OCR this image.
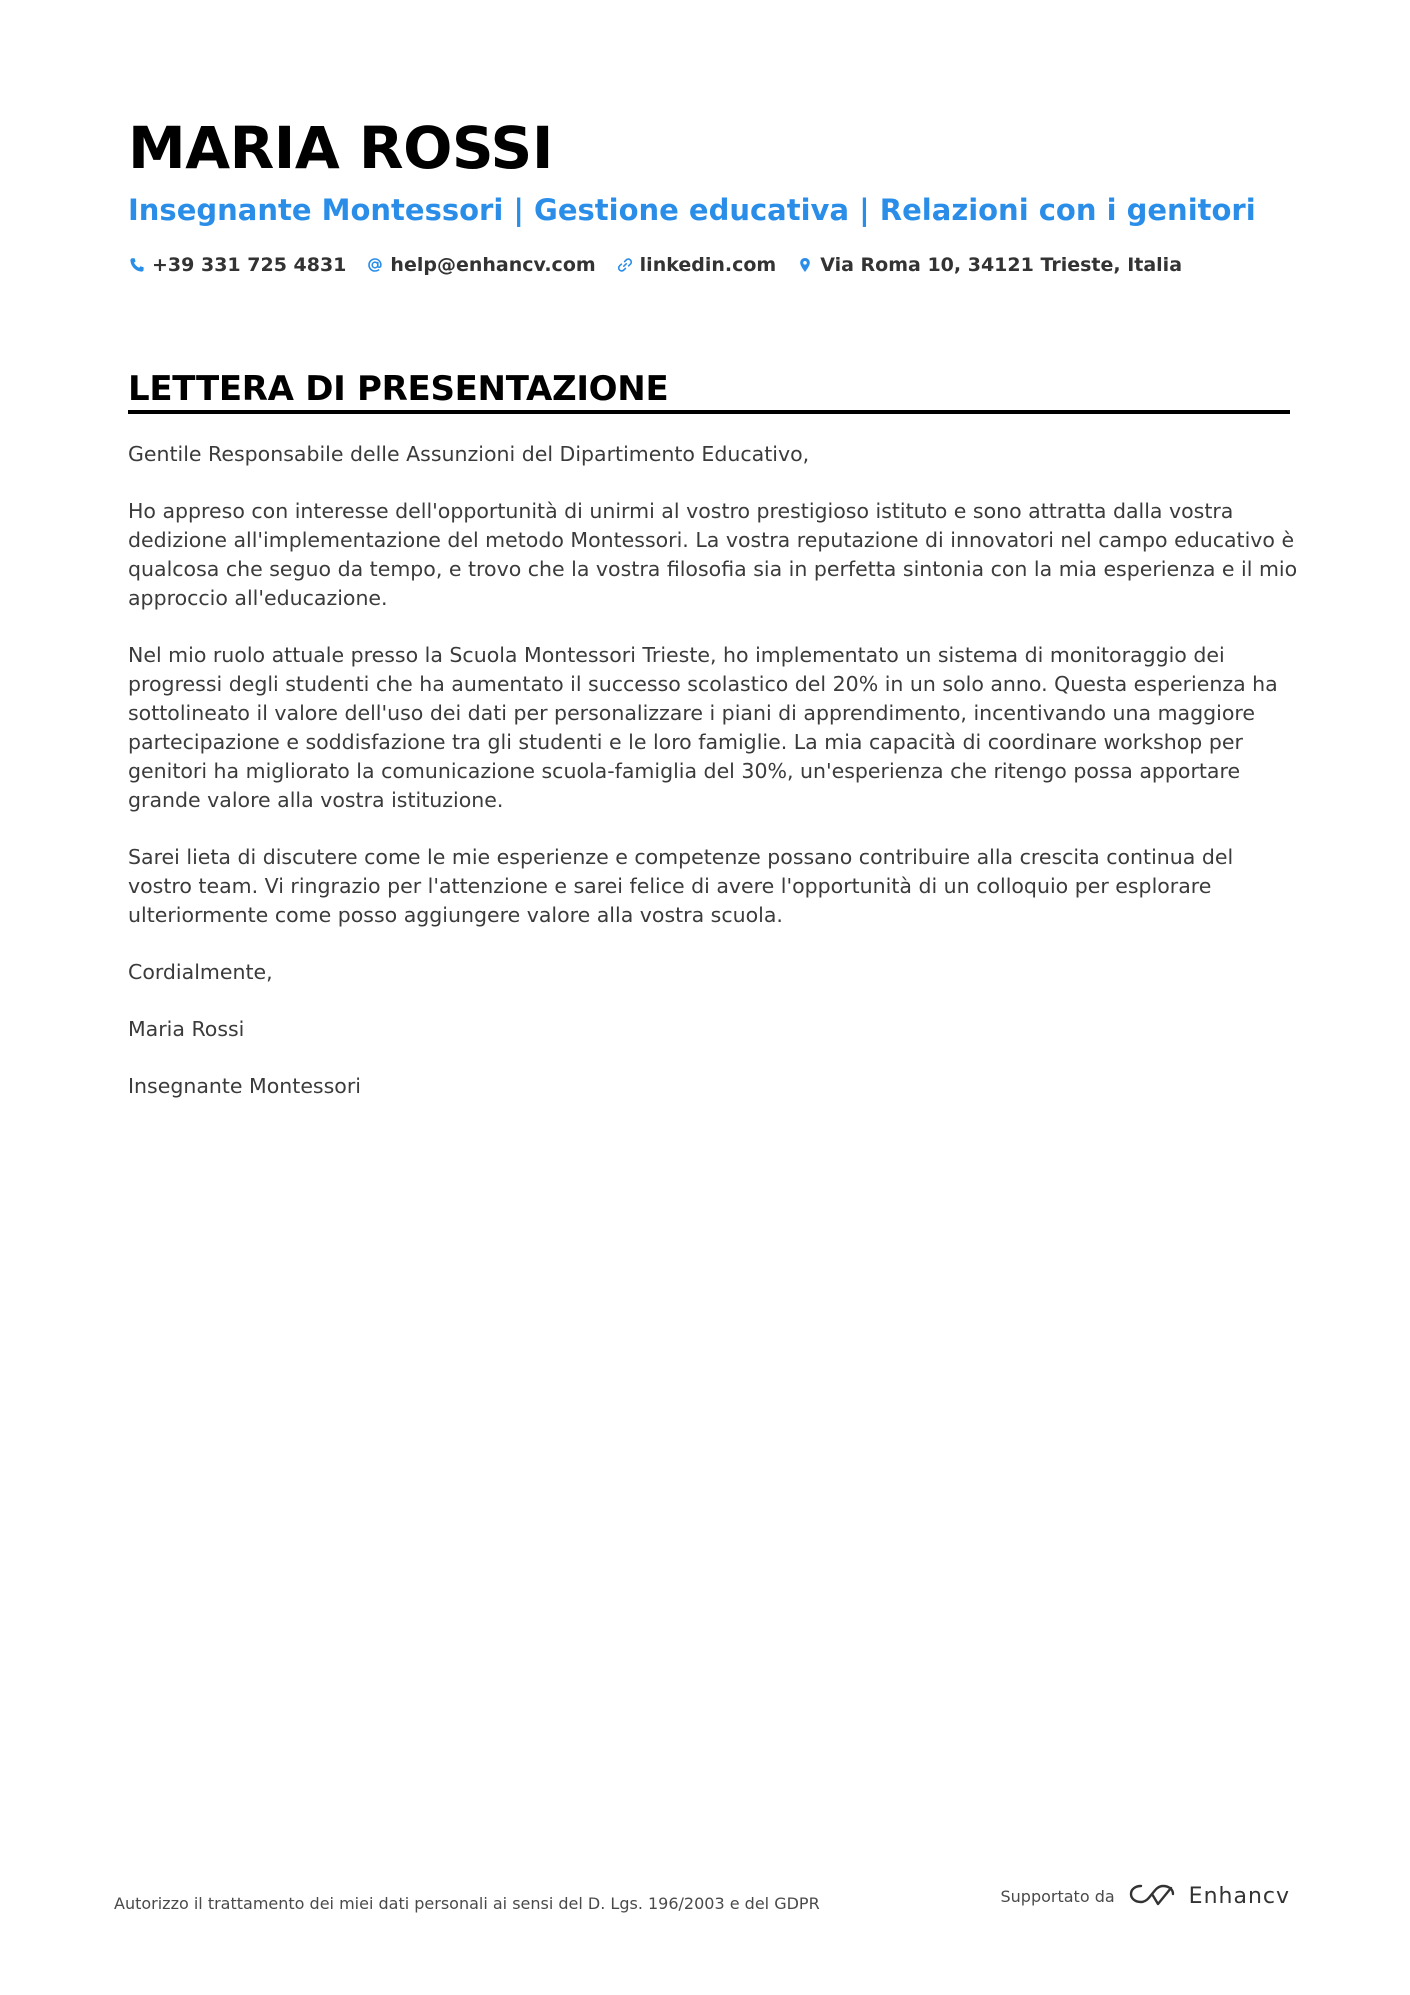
MARIA ROSSI
Insegnante Montessori | Gestione educativa | Relazioni con i genitori
+39 331 725 4831 help@enhancv.com linkedin.com Via Roma 10, 34121 Trieste, Italia
LETTERA DI PRESENTAZIONE

Gentile Responsabile delle Assunzioni del Dipartimento Educativo,

Ho appreso con interesse dell'opportunità di unirmi al vostro prestigioso istituto e sono attratta dalla vostra dedizione all'implementazione del metodo Montessori. La vostra reputazione di innovatori nel campo educativo è qualcosa che seguo da tempo, e trovo che la vostra filosofia sia in perfetta sintonia con la mia esperienza e il mio approccio all'educazione.

Nel mio ruolo attuale presso la Scuola Montessori Trieste, ho implementato un sistema di monitoraggio dei progressi degli studenti che ha aumentato il successo scolastico del 20% in un solo anno. Questa esperienza ha sottolineato il valore dell'uso dei dati per personalizzare i piani di apprendimento, incentivando una maggiore partecipazione e soddisfazione tra gli studenti e le loro famiglie. La mia capacità di coordinare workshop per genitori ha migliorato la comunicazione scuola-famiglia del 30%, un'esperienza che ritengo possa apportare grande valore alla vostra istituzione.

Sarei lieta di discutere come le mie esperienze e competenze possano contribuire alla crescita continua del vostro team. Vi ringrazio per l'attenzione e sarei felice di avere l'opportunità di un colloquio per esplorare ulteriormente come posso aggiungere valore alla vostra scuola.

Cordialmente,

Maria Rossi

Insegnante Montessori

Autorizzo il trattamento dei miei dati personali ai sensi del D. Lgs. 196/2003 e del GDPR	Supportato da	Enhancv
